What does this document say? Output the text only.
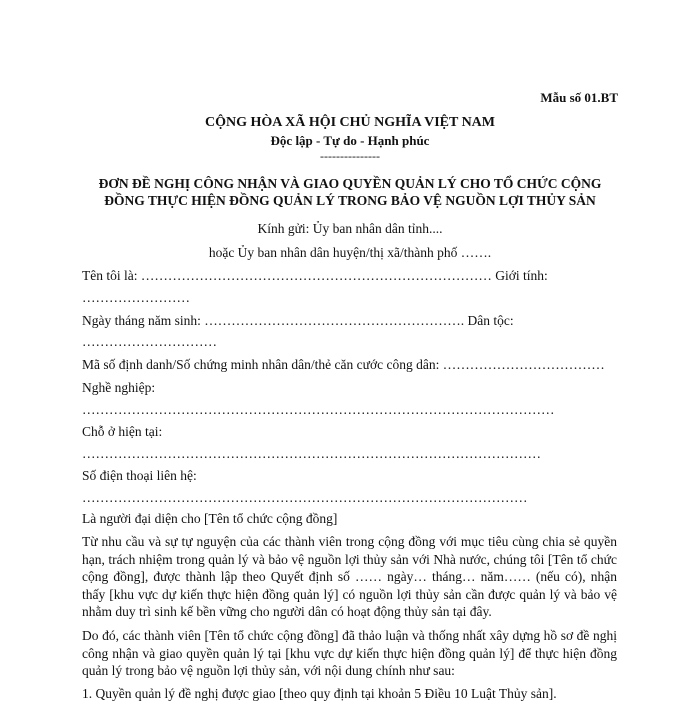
Mẫu số 01.BT
CỘNG HÒA XÃ HỘI CHỦ NGHĨA VIỆT NAM
Độc lập - Tự do - Hạnh phúc
---------------
ĐƠN ĐỀ NGHỊ CÔNG NHẬN VÀ GIAO QUYỀN QUẢN LÝ CHO TỔ CHỨC CỘNG
ĐỒNG THỰC HIỆN ĐỒNG QUẢN LÝ TRONG BẢO VỆ NGUỒN LỢI THỦY SẢN
Kính gửi: Ủy ban nhân dân tỉnh....
hoặc Ủy ban nhân dân huyện/thị xã/thành phố …….
Tên tôi là: …………………………………………………………………… Giới tính:
……………………
Ngày tháng năm sinh: …………………………………………………. Dân tộc:
…………………………
Mã số định danh/Số chứng minh nhân dân/thẻ căn cước công dân: ………………………………
Nghề nghiệp:
……………………………………………………………………………………………
Chỗ ở hiện tại:
…………………………………………………………………………………………
Số điện thoại liên hệ:
………………………………………………………………………………………
Là người đại diện cho [Tên tổ chức cộng đồng]
Từ nhu cầu và sự tự nguyện của các thành viên trong cộng đồng với mục tiêu cùng chia sẻ quyền hạn, trách nhiệm trong quản lý và bảo vệ nguồn lợi thủy sản với Nhà nước, chúng tôi [Tên tổ chức cộng đồng], được thành lập theo Quyết định số …… ngày… tháng… năm…… (nếu có), nhận thấy [khu vực dự kiến thực hiện đồng quản lý] có nguồn lợi thủy sản cần được quản lý và bảo vệ nhằm duy trì sinh kế bền vững cho người dân có hoạt động thủy sản tại đây.
Do đó, các thành viên [Tên tổ chức cộng đồng] đã thảo luận và thống nhất xây dựng hồ sơ đề nghị công nhận và giao quyền quản lý tại [khu vực dự kiến thực hiện đồng quản lý] để thực hiện đồng quản lý trong bảo vệ nguồn lợi thủy sản, với nội dung chính như sau:
1. Quyền quản lý đề nghị được giao [theo quy định tại khoản 5 Điều 10 Luật Thủy sản].
